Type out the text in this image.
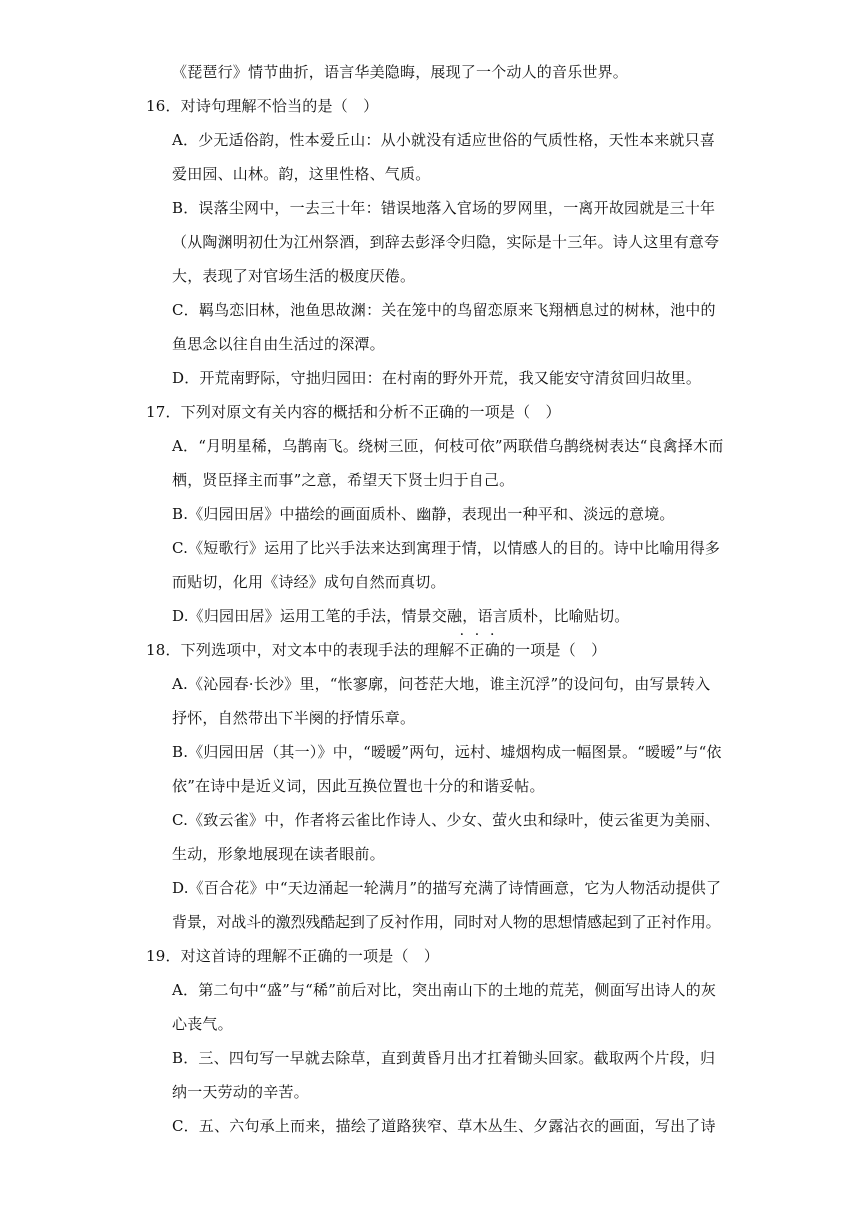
《琵琶行》情节曲折，语言华美隐晦，展现了一个动人的音乐世界。
16．对诗句理解不恰当的是（　）
A．少无适俗韵，性本爱丘山：从小就没有适应世俗的气质性格，天性本来就只喜
爱田园、山林。韵，这里性格、气质。
B．误落尘网中，一去三十年：错误地落入官场的罗网里，一离开故园就是三十年
（从陶渊明初仕为江州祭酒，到辞去彭泽令归隐，实际是十三年。诗人这里有意夸
大，表现了对官场生活的极度厌倦。
C．羁鸟恋旧林，池鱼思故渊：关在笼中的鸟留恋原来飞翔栖息过的树林，池中的
鱼思念以往自由生活过的深潭。
D．开荒南野际，守拙归园田：在村南的野外开荒，我又能安守清贫回归故里。
17．下列对原文有关内容的概括和分析不正确的一项是（　）
A．“月明星稀，乌鹊南飞。绕树三匝，何枝可依”两联借乌鹊绕树表达“良禽择木而
栖，贤臣择主而事”之意，希望天下贤士归于自己。
B.《归园田居》中描绘的画面质朴、幽静，表现出一种平和、淡远的意境。
C.《短歌行》运用了比兴手法来达到寓理于情，以情感人的目的。诗中比喻用得多
而贴切，化用《诗经》成句自然而真切。
D.《归园田居》运用工笔的手法，情景交融，语言质朴，比喻贴切。
18．下列选项中，对文本中的表现手法的理解不正确的一项是（　）
A.《沁园春·长沙》里，“怅寥廓，问苍茫大地，谁主沉浮”的设问句，由写景转入
抒怀，自然带出下半阕的抒情乐章。
B.《归园田居（其一）》中，“暧暧”两句，远村、墟烟构成一幅图景。“暧暧”与“依
依”在诗中是近义词，因此互换位置也十分的和谐妥帖。
C.《致云雀》中，作者将云雀比作诗人、少女、萤火虫和绿叶，使云雀更为美丽、
生动，形象地展现在读者眼前。
D.《百合花》中“天边涌起一轮满月”的描写充满了诗情画意，它为人物活动提供了
背景，对战斗的激烈残酷起到了反衬作用，同时对人物的思想情感起到了正衬作用。
19．对这首诗的理解不正确的一项是（　）
A．第二句中“盛”与“稀”前后对比，突出南山下的土地的荒芜，侧面写出诗人的灰
心丧气。
B．三、四句写一早就去除草，直到黄昏月出才扛着锄头回家。截取两个片段，归
纳一天劳动的辛苦。
C．五、六句承上而来，描绘了道路狭窄、草木丛生、夕露沾衣的画面，写出了诗
